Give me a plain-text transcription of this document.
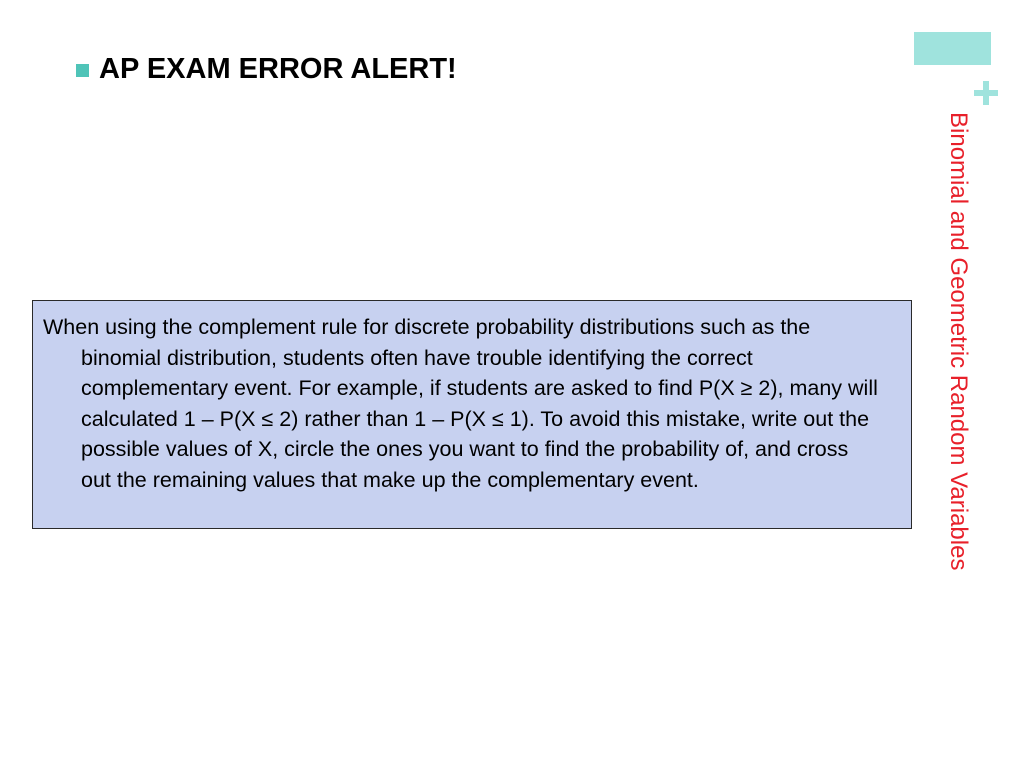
Binomial and Geometric Random Variables
AP EXAM ERROR ALERT!

When using the complement rule for discrete probability distributions such as the binomial distribution, students often have trouble identifying the correct complementary event. For example, if students are asked to find P(X ≥ 2), many will calculated 1 – P(X ≤ 2) rather than 1 – P(X ≤ 1). To avoid this mistake, write out the possible values of X, circle the ones you want to find the probability of, and cross out the remaining values that make up the complementary event.
